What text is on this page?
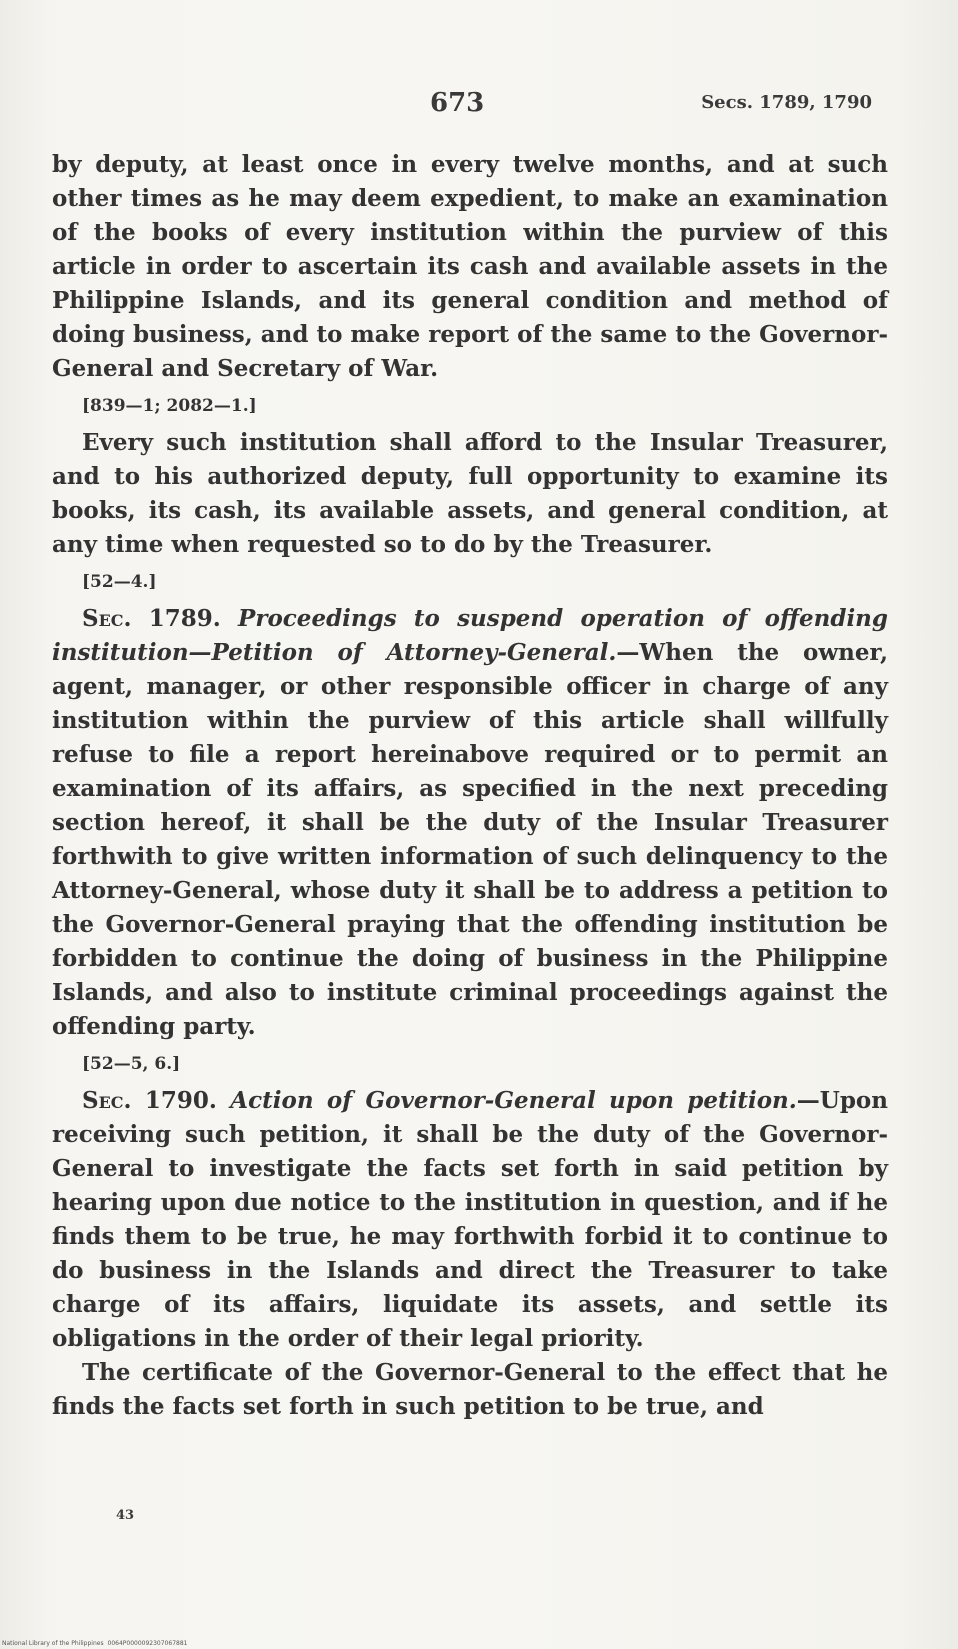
673	Secs. 1789, 1790

by deputy, at least once in every twelve months, and at such other times as he may deem expedient, to make an examination of the books of every institution within the purview of this article in order to ascertain its cash and available assets in the Philippine Islands, and its general condition and method of doing business, and to make report of the same to the Governor-General and Secretary of War.

[839—1; 2082—1.]

Every such institution shall afford to the Insular Treasurer, and to his authorized deputy, full opportunity to examine its books, its cash, its available assets, and general condition, at any time when requested so to do by the Treasurer.

[52—4.]

Sec. 1789. Proceedings to suspend operation of offending institution—Petition of Attorney-General.—When the owner, agent, manager, or other responsible officer in charge of any institution within the purview of this article shall willfully refuse to file a report hereinabove required or to permit an examination of its affairs, as specified in the next preceding section hereof, it shall be the duty of the Insular Treasurer forthwith to give written information of such delinquency to the Attorney-General, whose duty it shall be to address a petition to the Governor-General praying that the offending institution be forbidden to continue the doing of business in the Philippine Islands, and also to institute criminal proceedings against the offending party.

[52—5, 6.]

Sec. 1790. Action of Governor-General upon petition.—Upon receiving such petition, it shall be the duty of the Governor-General to investigate the facts set forth in said petition by hearing upon due notice to the institution in question, and if he finds them to be true, he may forthwith forbid it to continue to do business in the Islands and direct the Treasurer to take charge of its affairs, liquidate its assets, and settle its obligations in the order of their legal priority.

The certificate of the Governor-General to the effect that he finds the facts set forth in such petition to be true, and

43
National Library of the Philippines 0064P0000092307067881
